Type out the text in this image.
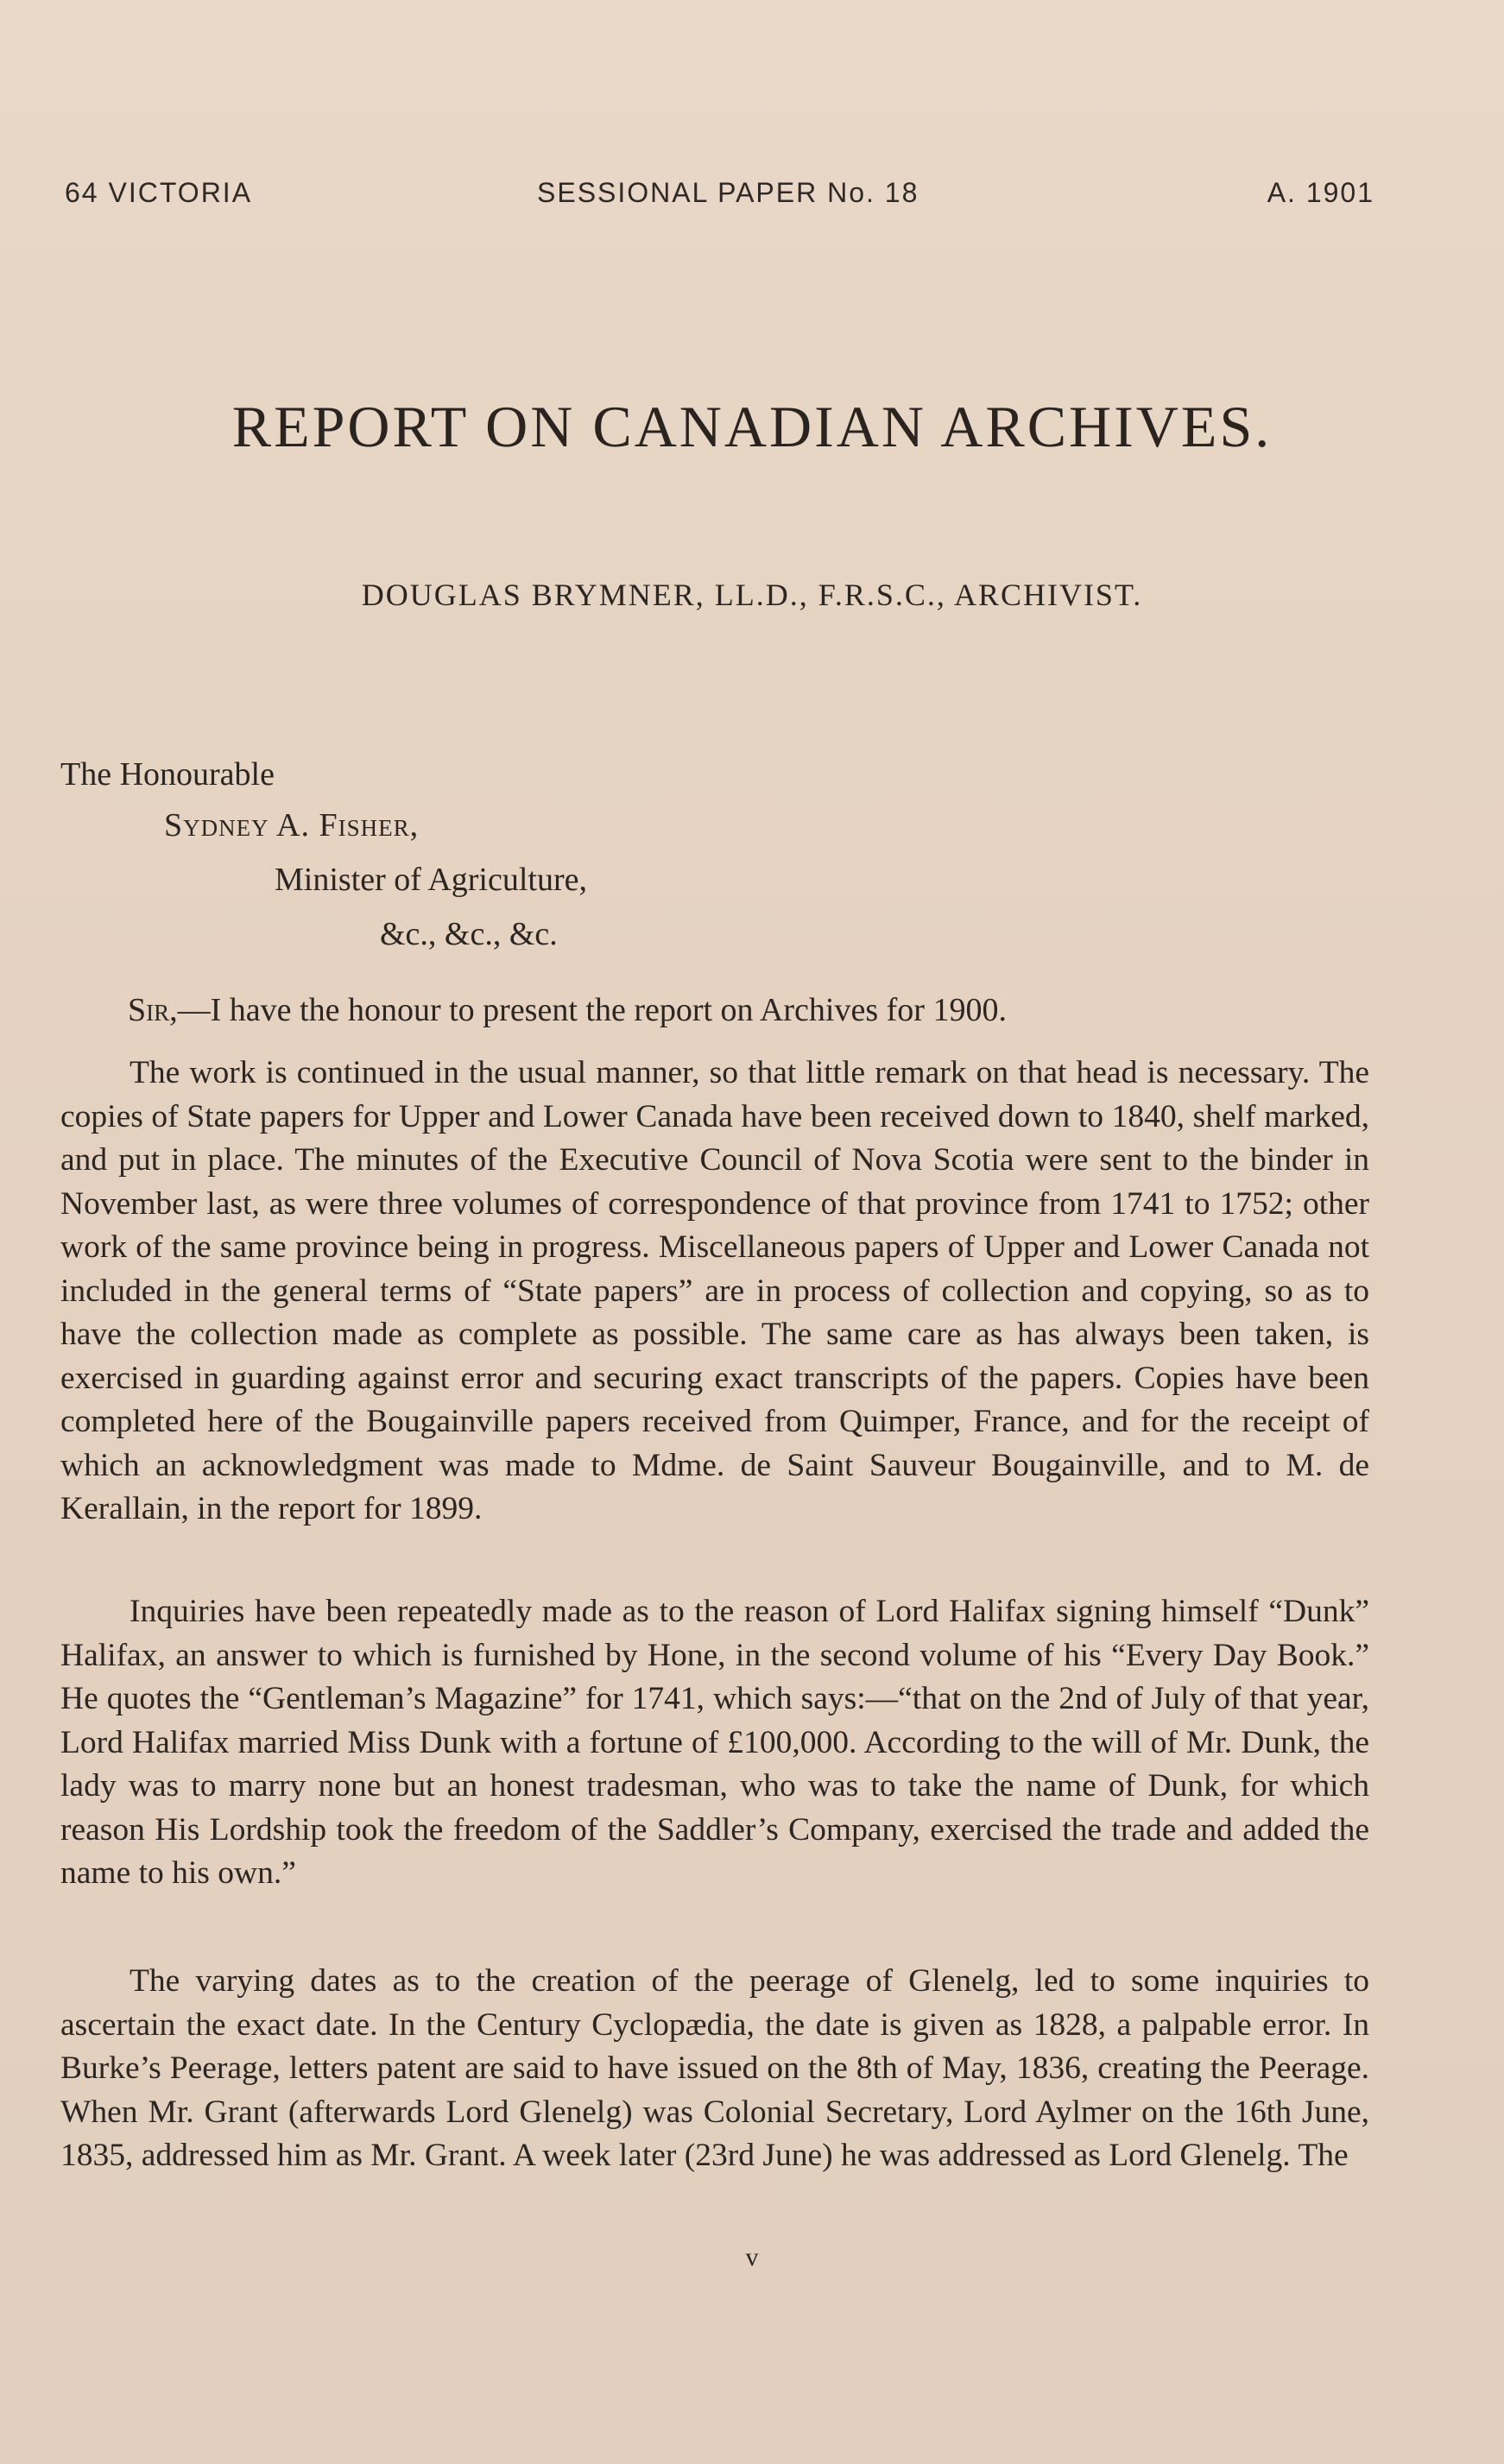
64 VICTORIA	SESSIONAL PAPER No. 18	A. 1901
REPORT ON CANADIAN ARCHIVES.
DOUGLAS BRYMNER, LL.D., F.R.S.C., ARCHIVIST.
The Honourable
Sydney A. Fisher,
Minister of Agriculture,
&c., &c., &c.
Sir,—I have the honour to present the report on Archives for 1900.

The work is continued in the usual manner, so that little remark on that head is necessary. The copies of State papers for Upper and Lower Canada have been received down to 1840, shelf marked, and put in place. The minutes of the Executive Council of Nova Scotia were sent to the binder in November last, as were three volumes of correspondence of that province from 1741 to 1752; other work of the same province being in progress. Miscellaneous papers of Upper and Lower Canada not included in the general terms of “State papers” are in process of collection and copying, so as to have the collection made as complete as possible. The same care as has always been taken, is exercised in guarding against error and securing exact transcripts of the papers. Copies have been completed here of the Bougainville papers received from Quimper, France, and for the receipt of which an acknowledgment was made to Mdme. de Saint Sauveur Bougainville, and to M. de Kerallain, in the report for 1899.

Inquiries have been repeatedly made as to the reason of Lord Halifax signing himself “Dunk” Halifax, an answer to which is furnished by Hone, in the second volume of his “Every Day Book.” He quotes the “Gentleman’s Magazine” for 1741, which says:—“that on the 2nd of July of that year, Lord Halifax married Miss Dunk with a fortune of £100,000. According to the will of Mr. Dunk, the lady was to marry none but an honest tradesman, who was to take the name of Dunk, for which reason His Lordship took the freedom of the Saddler’s Company, exercised the trade and added the name to his own.”

The varying dates as to the creation of the peerage of Glenelg, led to some inquiries to ascertain the exact date. In the Century Cyclopædia, the date is given as 1828, a palpable error. In Burke’s Peerage, letters patent are said to have issued on the 8th of May, 1836, creating the Peerage. When Mr. Grant (afterwards Lord Glenelg) was Colonial Secretary, Lord Aylmer on the 16th June, 1835, addressed him as Mr. Grant. A week later (23rd June) he was addressed as Lord Glenelg. The

v
